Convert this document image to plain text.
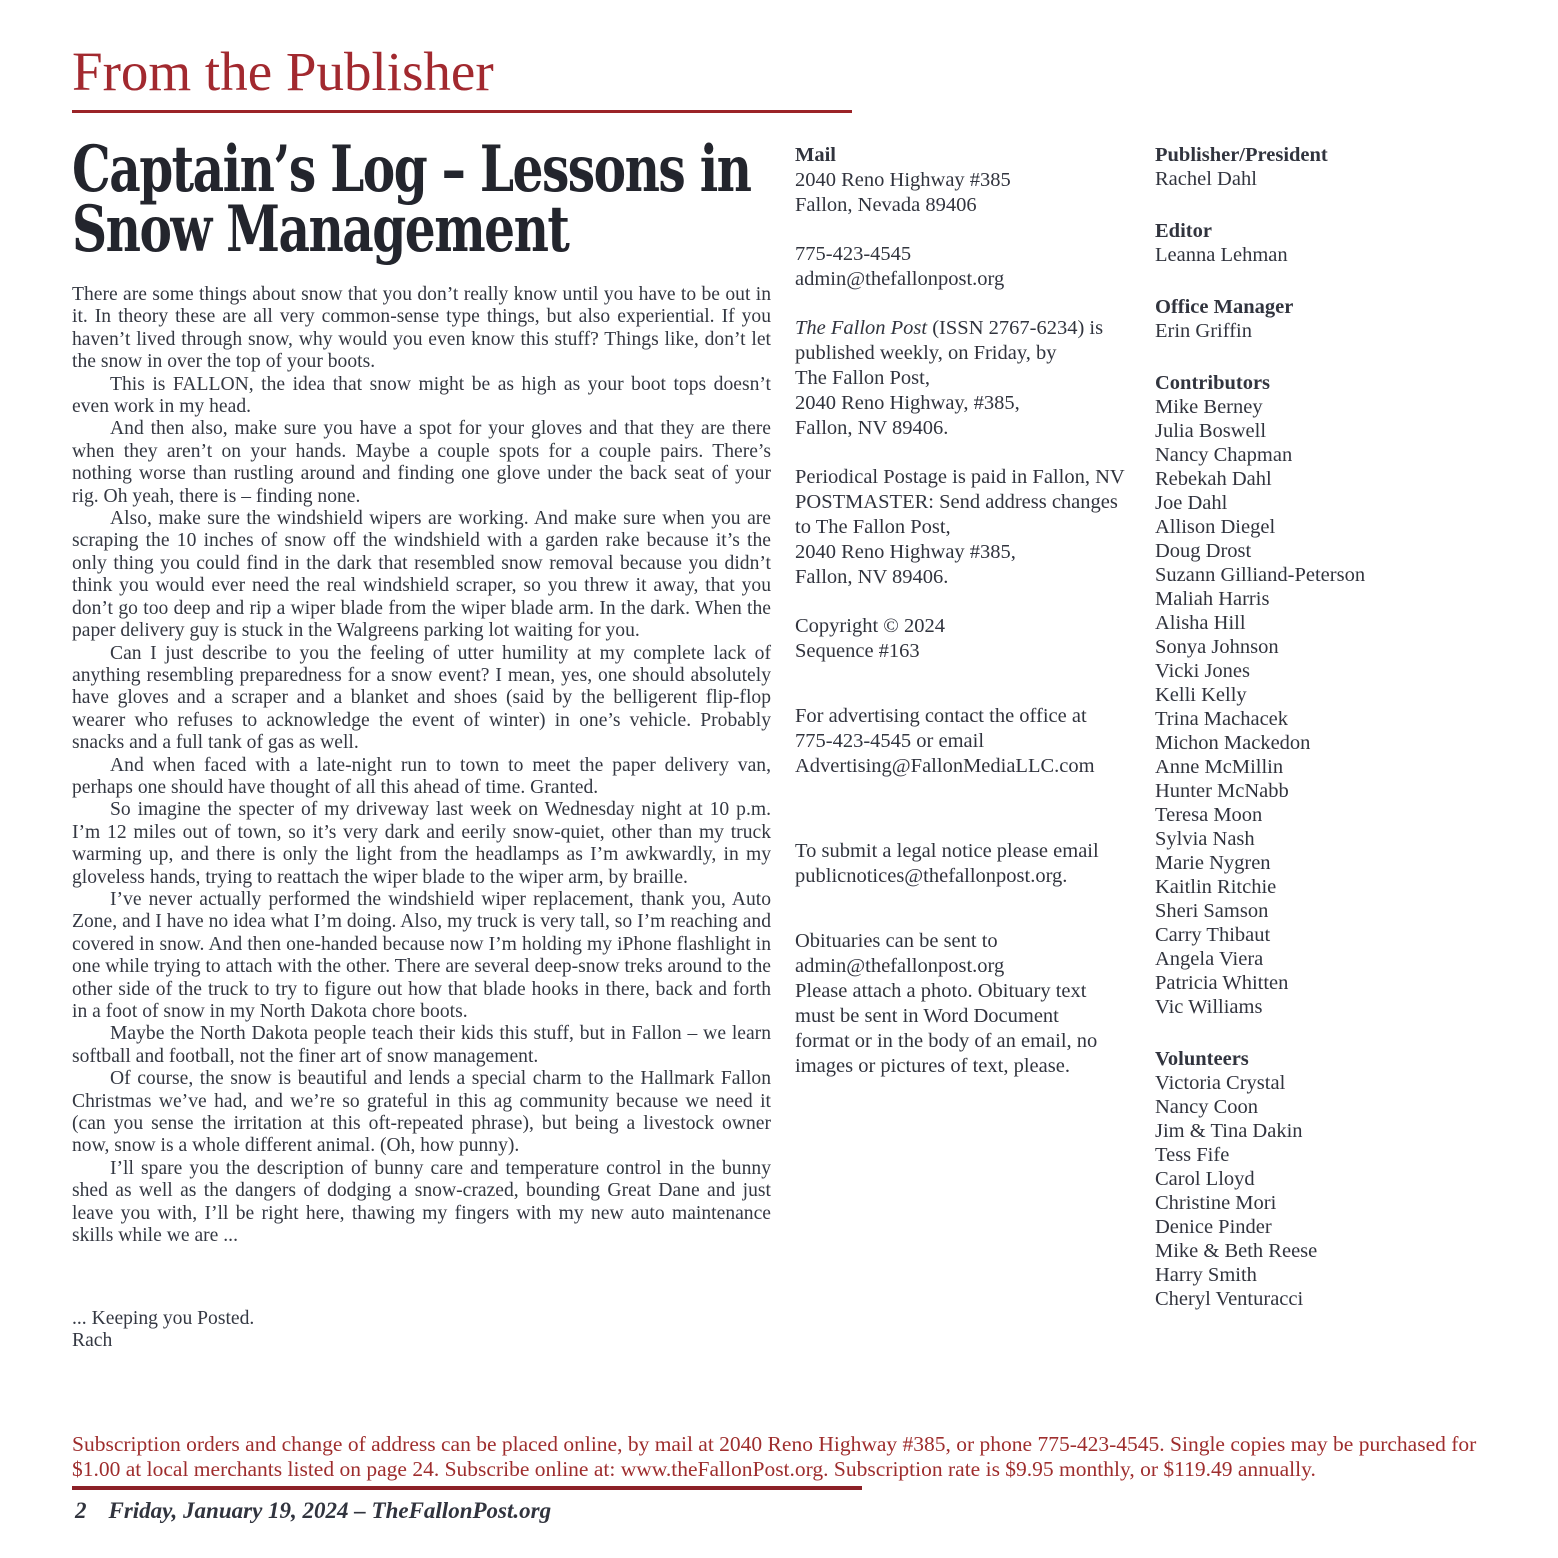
From the Publisher
Captain’s Log – Lessons in
Snow Management

There are some things about snow that you don’t really know until you have to be out in it. In theory these are all very common-sense type things, but also experiential. If you haven’t lived through snow, why would you even know this stuff? Things like, don’t let the snow in over the top of your boots.

This is FALLON, the idea that snow might be as high as your boot tops doesn’t even work in my head.

And then also, make sure you have a spot for your gloves and that they are there when they aren’t on your hands. Maybe a couple spots for a couple pairs. There’s nothing worse than rustling around and finding one glove under the back seat of your rig. Oh yeah, there is – finding none.

Also, make sure the windshield wipers are working. And make sure when you are scraping the 10 inches of snow off the windshield with a garden rake because it’s the only thing you could find in the dark that resembled snow removal because you didn’t think you would ever need the real windshield scraper, so you threw it away, that you don’t go too deep and rip a wiper blade from the wiper blade arm. In the dark. When the paper delivery guy is stuck in the Walgreens parking lot waiting for you.

Can I just describe to you the feeling of utter humility at my complete lack of anything resembling preparedness for a snow event? I mean, yes, one should absolutely have gloves and a scraper and a blanket and shoes (said by the belligerent flip-flop wearer who refuses to acknowledge the event of winter) in one’s vehicle. Probably snacks and a full tank of gas as well.

And when faced with a late-night run to town to meet the paper delivery van, perhaps one should have thought of all this ahead of time. Granted.

So imagine the specter of my driveway last week on Wednesday night at 10 p.m. I’m 12 miles out of town, so it’s very dark and eerily snow-quiet, other than my truck warming up, and there is only the light from the headlamps as I’m awkwardly, in my gloveless hands, trying to reattach the wiper blade to the wiper arm, by braille.

I’ve never actually performed the windshield wiper replacement, thank you, Auto Zone, and I have no idea what I’m doing. Also, my truck is very tall, so I’m reaching and covered in snow. And then one-handed because now I’m holding my iPhone flashlight in one while trying to attach with the other. There are several deep-snow treks around to the other side of the truck to try to figure out how that blade hooks in there, back and forth in a foot of snow in my North Dakota chore boots.

Maybe the North Dakota people teach their kids this stuff, but in Fallon – we learn softball and football, not the finer art of snow management.

Of course, the snow is beautiful and lends a special charm to the Hallmark Fallon Christmas we’ve had, and we’re so grateful in this ag community because we need it (can you sense the irritation at this oft-repeated phrase), but being a livestock owner now, snow is a whole different animal. (Oh, how punny).

I’ll spare you the description of bunny care and temperature control in the bunny shed as well as the dangers of dodging a snow-crazed, bounding Great Dane and just leave you with, I’ll be right here, thawing my fingers with my new auto maintenance skills while we are ...

... Keeping you Posted.
Rach
Mail
2040 Reno Highway #385
Fallon, Nevada 89406
775-423-4545
admin@thefallonpost.org
The Fallon Post (ISSN 2767-6234) is
published weekly, on Friday, by
The Fallon Post,
2040 Reno Highway, #385,
Fallon, NV 89406.
Periodical Postage is paid in Fallon, NV
POSTMASTER: Send address changes
to The Fallon Post,
2040 Reno Highway #385,
Fallon, NV 89406.
Copyright © 2024
Sequence #163
For advertising contact the office at
775-423-4545 or email
Advertising@FallonMediaLLC.com
To submit a legal notice please email
publicnotices@thefallonpost.org.
Obituaries can be sent to
admin@thefallonpost.org
Please attach a photo. Obituary text
must be sent in Word Document
format or in the body of an email, no
images or pictures of text, please.
Publisher/President
Rachel Dahl
Editor
Leanna Lehman
Office Manager
Erin Griffin
Contributors
Mike Berney
Julia Boswell
Nancy Chapman
Rebekah Dahl
Joe Dahl
Allison Diegel
Doug Drost
Suzann Gilliand-Peterson
Maliah Harris
Alisha Hill
Sonya Johnson
Vicki Jones
Kelli Kelly
Trina Machacek
Michon Mackedon
Anne McMillin
Hunter McNabb
Teresa Moon
Sylvia Nash
Marie Nygren
Kaitlin Ritchie
Sheri Samson
Carry Thibaut
Angela Viera
Patricia Whitten
Vic Williams
Volunteers
Victoria Crystal
Nancy Coon
Jim & Tina Dakin
Tess Fife
Carol Lloyd
Christine Mori
Denice Pinder
Mike & Beth Reese
Harry Smith
Cheryl Venturacci
Subscription orders and change of address can be placed online, by mail at 2040 Reno Highway #385, or phone 775-423-4545. Single copies may be purchased for
$1.00 at local merchants listed on page 24. Subscribe online at: www.theFallonPost.org. Subscription rate is $9.95 monthly, or $119.49 annually.
2 Friday, January 19, 2024 – TheFallonPost.org
